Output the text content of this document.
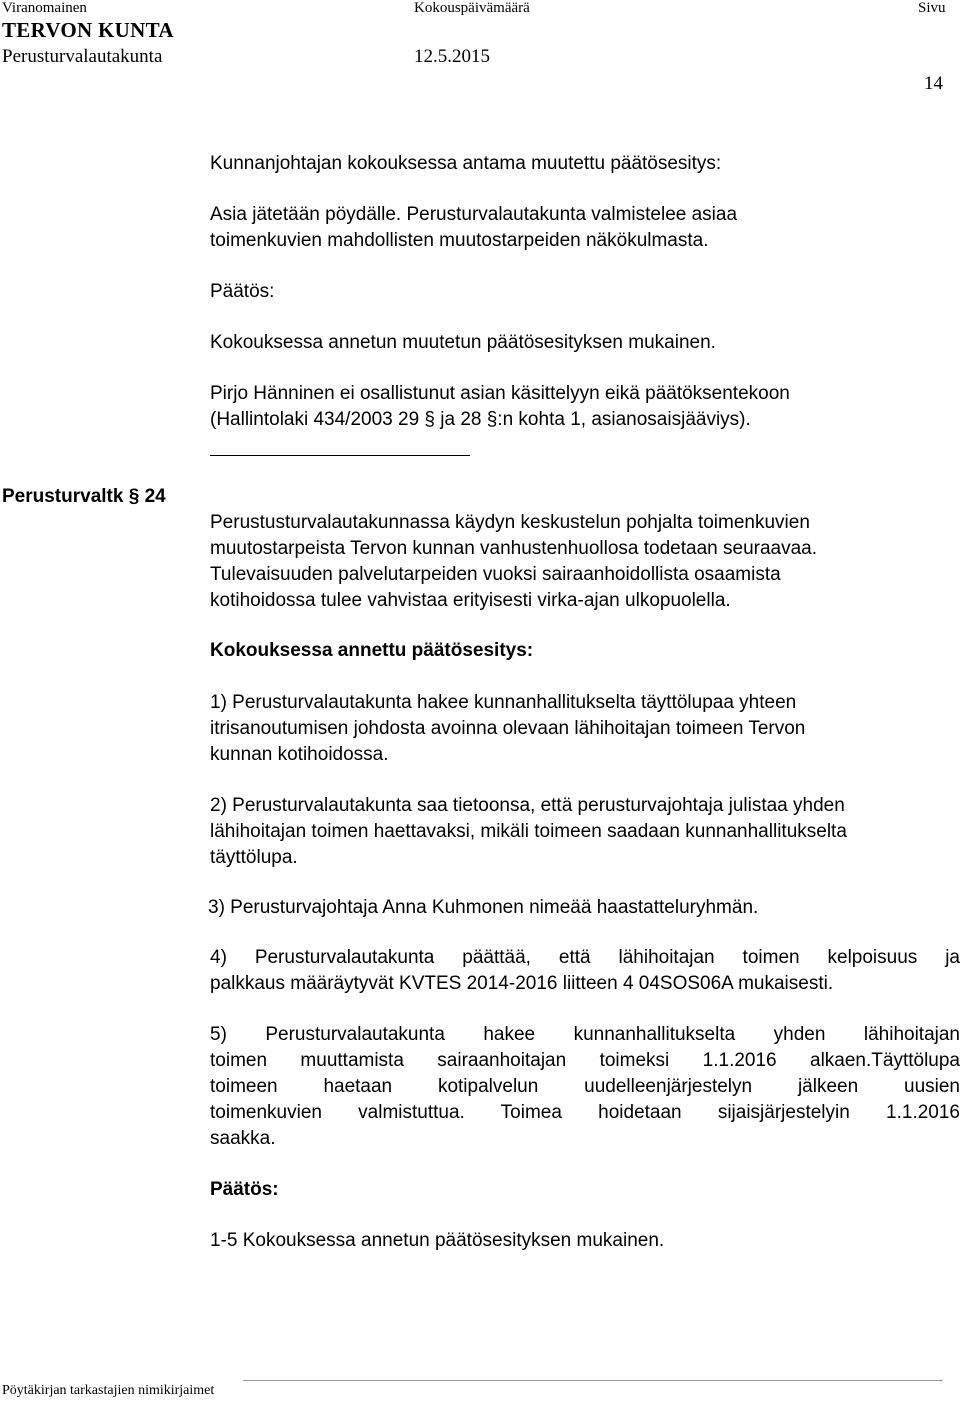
Viranomainen	Kokouspäivämäärä	Sivu
TERVON KUNTA
Perusturvalautakunta	12.5.2015
14
Kunnanjohtajan kokouksessa antama muutettu päätösesitys:
Asia jätetään pöydälle. Perusturvalautakunta valmistelee asiaa
toimenkuvien mahdollisten muutostarpeiden näkökulmasta.
Päätös:
Kokouksessa annetun muutetun päätösesityksen mukainen.
Pirjo Hänninen ei osallistunut asian käsittelyyn eikä päätöksentekoon
(Hallintolaki 434/2003 29 § ja 28 §:n kohta 1, asianosaisjääviys).
Perusturvaltk § 24
Perustusturvalautakunnassa käydyn keskustelun pohjalta toimenkuvien
muutostarpeista Tervon kunnan vanhustenhuollosa todetaan seuraavaa.
Tulevaisuuden palvelutarpeiden vuoksi sairaanhoidollista osaamista
kotihoidossa tulee vahvistaa erityisesti virka-ajan ulkopuolella.
Kokouksessa annettu päätösesitys:
1) Perusturvalautakunta hakee kunnanhallitukselta täyttölupaa yhteen
itrisanoutumisen johdosta avoinna olevaan lähihoitajan toimeen Tervon
kunnan kotihoidossa.
2) Perusturvalautakunta saa tietoonsa, että perusturvajohtaja julistaa yhden
lähihoitajan toimen haettavaksi, mikäli toimeen saadaan kunnanhallitukselta
täyttölupa.
3) Perusturvajohtaja Anna Kuhmonen nimeää haastatteluryhmän.
4) Perusturvalautakunta päättää, että lähihoitajan toimen kelpoisuus ja
palkkaus määräytyvät KVTES 2014-2016 liitteen 4 04SOS06A mukaisesti.
5) Perusturvalautakunta hakee kunnanhallitukselta yhden lähihoitajan
toimen muuttamista sairaanhoitajan toimeksi 1.1.2016 alkaen.Täyttölupa
toimeen haetaan kotipalvelun uudelleenjärjestelyn jälkeen uusien
toimenkuvien valmistuttua. Toimea hoidetaan sijaisjärjestelyin 1.1.2016
saakka.
Päätös:
1-5 Kokouksessa annetun päätösesityksen mukainen.
Pöytäkirjan tarkastajien nimikirjaimet
